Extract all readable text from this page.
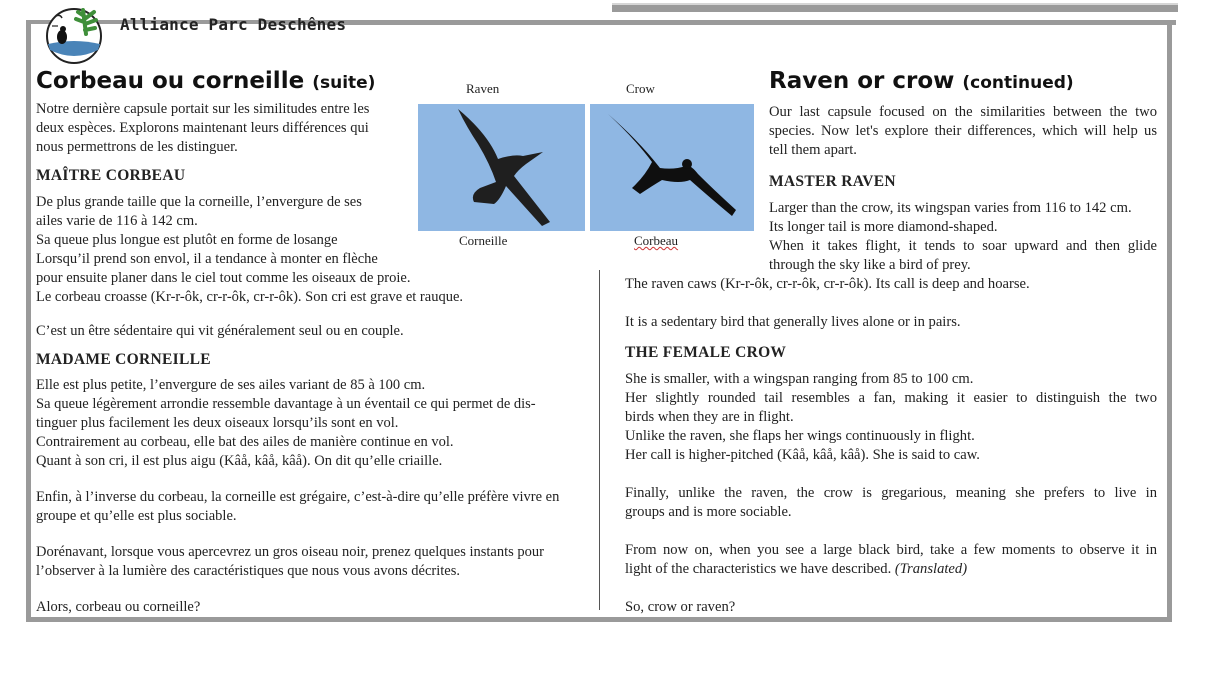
Alliance Parc Deschênes
Corbeau ou corneille (suite)
Notre dernière capsule portait sur les similitudes entre les
deux espèces. Explorons maintenant leurs différences qui
nous permettrons de les distinguer.
MAÎTRE CORBEAU
De plus grande taille que la corneille, l’envergure de ses
ailes varie de 116 à 142 cm.
Sa queue plus longue est plutôt en forme de losange
Lorsqu’il prend son envol, il a tendance à monter en flèche
pour ensuite planer dans le ciel tout comme les oiseaux de proie.
Le corbeau croasse (Kr-r-ôk, cr-r-ôk, cr-r-ôk). Son cri est grave et rauque.
C’est un être sédentaire qui vit généralement seul ou en couple.
MADAME CORNEILLE
Elle est plus petite, l’envergure de ses ailes variant de 85 à 100 cm.
Sa queue légèrement arrondie ressemble davantage à un éventail ce qui permet de dis-
tinguer plus facilement les deux oiseaux lorsqu’ils sont en vol.
Contrairement au corbeau, elle bat des ailes de manière continue en vol.
Quant à son cri, il est plus aigu (Kâå, kâå, kâå). On dit qu’elle criaille.
Enfin, à l’inverse du corbeau, la corneille est grégaire, c’est-à-dire qu’elle préfère vivre en
groupe et qu’elle est plus sociable.
Dorénavant, lorsque vous apercevrez un gros oiseau noir, prenez quelques instants pour
l’observer à la lumière des caractéristiques que nous vous avons décrites.
Alors, corbeau ou corneille?
Raven	Crow
Corneille	Corbeau
Raven or crow (continued)
Our last capsule focused on the similarities between the two
species. Now let's explore their differences, which will help us
tell them apart.
MASTER RAVEN
Larger than the crow, its wingspan varies from 116 to 142 cm.
Its longer tail is more diamond-shaped.
When it takes flight, it tends to soar upward and then glide
through the sky like a bird of prey.
The raven caws (Kr-r-ôk, cr-r-ôk, cr-r-ôk). Its call is deep and hoarse.
It is a sedentary bird that generally lives alone or in pairs.
THE FEMALE CROW
She is smaller, with a wingspan ranging from 85 to 100 cm.
Her slightly rounded tail resembles a fan, making it easier to distinguish the two
birds when they are in flight.
Unlike the raven, she flaps her wings continuously in flight.
Her call is higher-pitched (Kâå, kâå, kâå). She is said to caw.
Finally, unlike the raven, the crow is gregarious, meaning she prefers to live in
groups and is more sociable.
From now on, when you see a large black bird, take a few moments to observe it in
light of the characteristics we have described. (Translated)
So, crow or raven?
